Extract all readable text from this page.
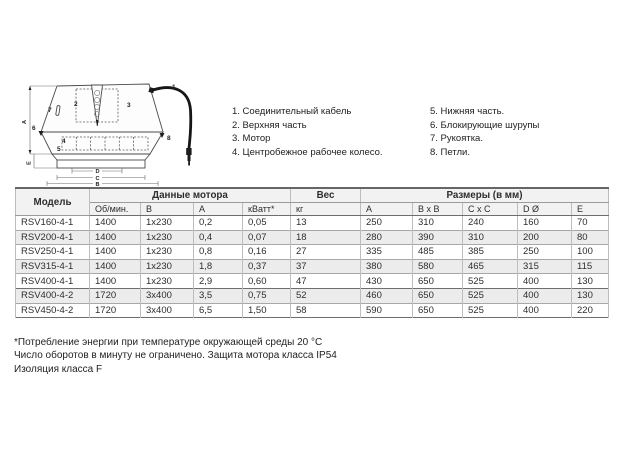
A
E
D
C
B
1
2	3
4
5
6
7
8
1. Соединительный кабель
2. Верхняя часть
3. Мотор
4. Центробежное рабочее колесо.
5. Нижняя часть.
6. Блокирующие шурупы
7. Рукоятка.
8. Петли.
Модель	Данные мотора				Вес	Размеры (в мм)				
	Об/мин.	В	А	кВатт*	кг	A	B x B	C x C	D Ø	E
RSV160-4-1	1400	1x230	0,2	0,05	13	250	310	240	160	70
RSV200-4-1	1400	1x230	0,4	0,07	18	280	390	310	200	80
RSV250-4-1	1400	1x230	0,8	0,16	27	335	485	385	250	100
RSV315-4-1	1400	1x230	1,8	0,37	37	380	580	465	315	115
RSV400-4-1	1400	1x230	2,9	0,60	47	430	650	525	400	130
RSV400-4-2	1720	3x400	3,5	0,75	52	460	650	525	400	130
RSV450-4-2	1720	3x400	6,5	1,50	58	590	650	525	400	220

*Потребление энергии при температуре окружающей среды 20 °C

Число оборотов в минуту не ограничено. Защита мотора класса IP54

Изоляция класса F
